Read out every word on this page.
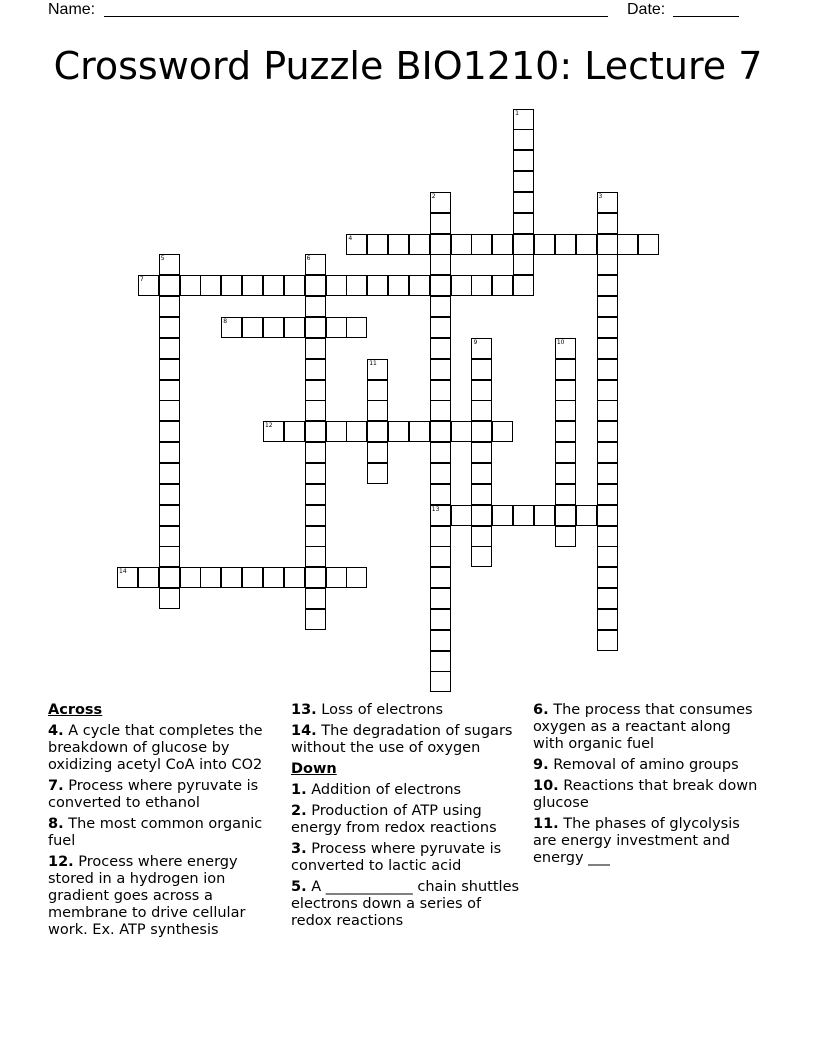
Name:	Date:
Crossword Puzzle BIO1210: Lecture 7
1
2
13
3
4
5	6
7
8
9	10
11
12
14
Across
4. A cycle that completes the breakdown of glucose by oxidizing acetyl CoA into CO2
7. Process where pyruvate is converted to ethanol
8. The most common organic fuel
12. Process where energy stored in a hydrogen ion gradient goes across a membrane to drive cellular work. Ex. ATP synthesis
13. Loss of electrons
14. The degradation of sugars without the use of oxygen
Down
1. Addition of electrons
2. Production of ATP using energy from redox reactions
3. Process where pyruvate is converted to lactic acid
5. A ____________ chain shuttles electrons down a series of redox reactions
6. The process that consumes oxygen as a reactant along with organic fuel
9. Removal of amino groups
10. Reactions that break down glucose
11. The phases of glycolysis are energy investment and energy ___
